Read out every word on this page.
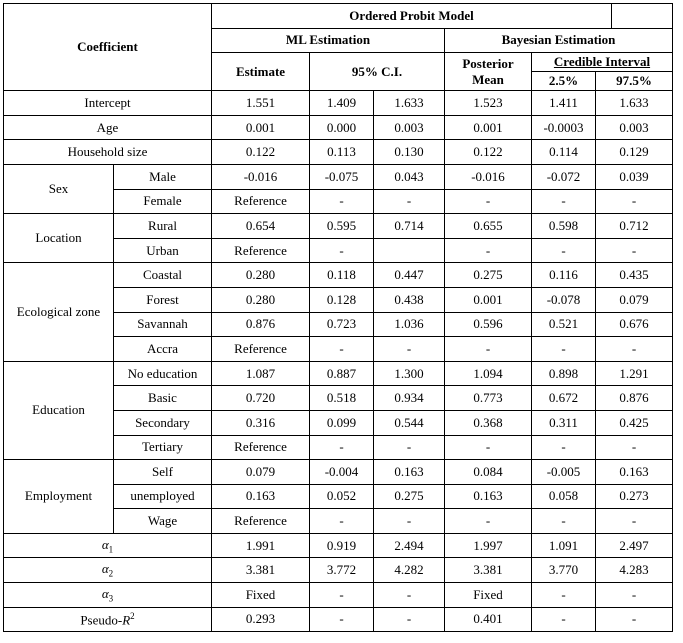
Coefficient		Ordered Probit Model						
		ML Estimation			Bayesian Estimation			
		Estimate	95% C.I.		Posterior Mean	Credible Interval		
						2.5%	97.5%	
Intercept		1.551	1.409	1.633	1.523	1.411	1.633	
Age		0.001	0.000	0.003	0.001	-0.0003	0.003	
Household size		0.122	0.113	0.130	0.122	0.114	0.129	
Sex	Male	-0.016	-0.075	0.043	-0.016	-0.072	0.039	
	Female	Reference	-	-	-	-	-	
Location	Rural	0.654	0.595	0.714	0.655	0.598	0.712	
	Urban	Reference	-		-	-	-	
Ecological zone	Coastal	0.280	0.118	0.447	0.275	0.116	0.435	
	Forest	0.280	0.128	0.438	0.001	-0.078	0.079	
	Savannah	0.876	0.723	1.036	0.596	0.521	0.676	
	Accra	Reference	-	-	-	-	-	
Education	No education	1.087	0.887	1.300	1.094	0.898	1.291	
	Basic	0.720	0.518	0.934	0.773	0.672	0.876	
	Secondary	0.316	0.099	0.544	0.368	0.311	0.425	
	Tertiary	Reference	-	-	-	-	-	
Employment	Self	0.079	-0.004	0.163	0.084	-0.005	0.163	
	unemployed	0.163	0.052	0.275	0.163	0.058	0.273	
	Wage	Reference	-	-	-	-	-	
$\alpha_1$		1.991	0.919	2.494	1.997	1.091	2.497	
$\alpha_2$		3.381	3.772	4.282	3.381	3.770	4.283	
$\alpha_3$		Fixed	-	-	Fixed	-	-	
Pseudo-$R^2$		0.293	-	-	0.401	-	-	
